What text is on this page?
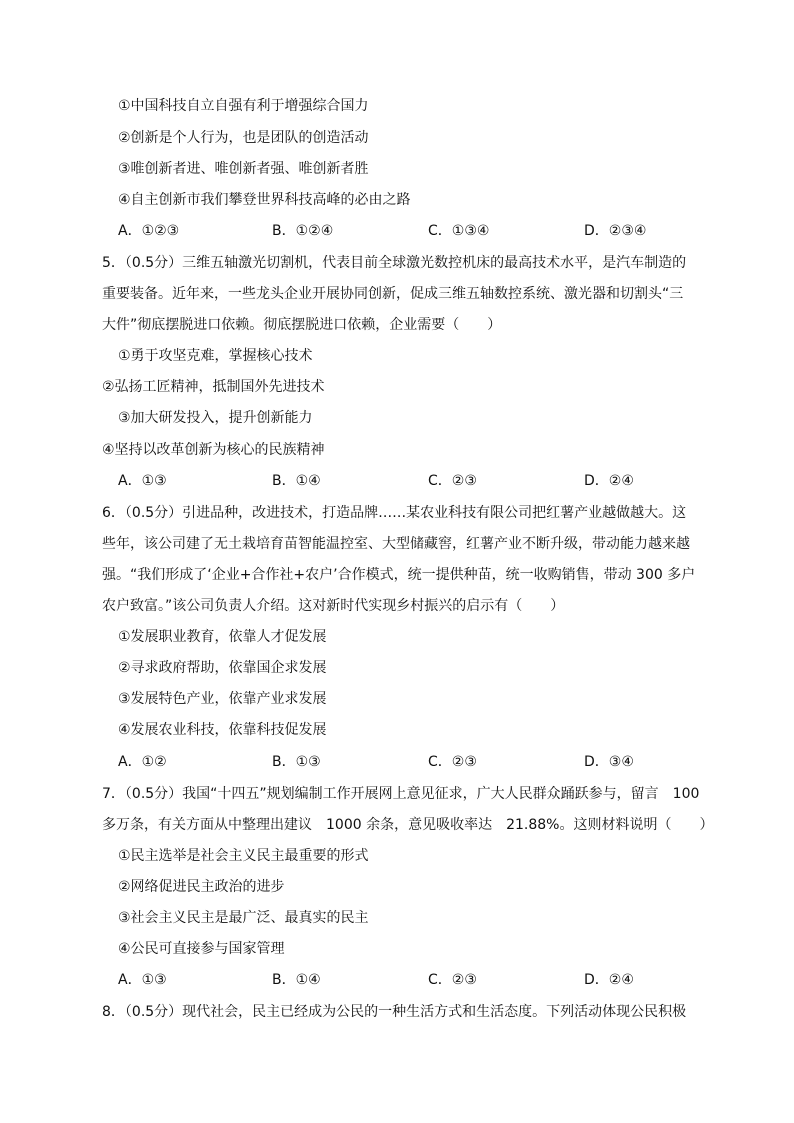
①中国科技自立自强有利于增强综合国力
②创新是个人行为，也是团队的创造活动
③唯创新者进、唯创新者强、唯创新者胜
④自主创新市我们攀登世界科技高峰的必由之路
A．①②③	B．①②④	C．①③④	D．②③④
5．（0.5分）三维五轴激光切割机，代表目前全球激光数控机床的最高技术水平，是汽车制造的
重要装备。近年来，一些龙头企业开展协同创新，促成三维五轴数控系统、激光器和切割头“三
大件”彻底摆脱进口依赖。彻底摆脱进口依赖，企业需要（　　）
①勇于攻坚克难，掌握核心技术
②弘扬工匠精神，抵制国外先进技术
③加大研发投入，提升创新能力
④坚持以改革创新为核心的民族精神
A．①③	B．①④	C．②③	D．②④
6．（0.5分）引进品种，改进技术，打造品牌……某农业科技有限公司把红薯产业越做越大。这
些年，该公司建了无土栽培育苗智能温控室、大型储藏窖，红薯产业不断升级，带动能力越来越
强。“我们形成了‘企业+合作社+农户’合作模式，统一提供种苗，统一收购销售，带动 300 多户
农户致富。”该公司负责人介绍。这对新时代实现乡村振兴的启示有（　　）
①发展职业教育，依靠人才促发展
②寻求政府帮助，依靠国企求发展
③发展特色产业，依靠产业求发展
④发展农业科技，依靠科技促发展
A．①②	B．①③	C．②③	D．③④
7．（0.5分）我国“十四五”规划编制工作开展网上意见征求，广大人民群众踊跃参与，留言　100
多万条，有关方面从中整理出建议　1000 余条，意见吸收率达　21.88%。这则材料说明（　　）
①民主选举是社会主义民主最重要的形式
②网络促进民主政治的进步
③社会主义民主是最广泛、最真实的民主
④公民可直接参与国家管理
A．①③	B．①④	C．②③	D．②④
8．（0.5分）现代社会，民主已经成为公民的一种生活方式和生活态度。下列活动体现公民积极
